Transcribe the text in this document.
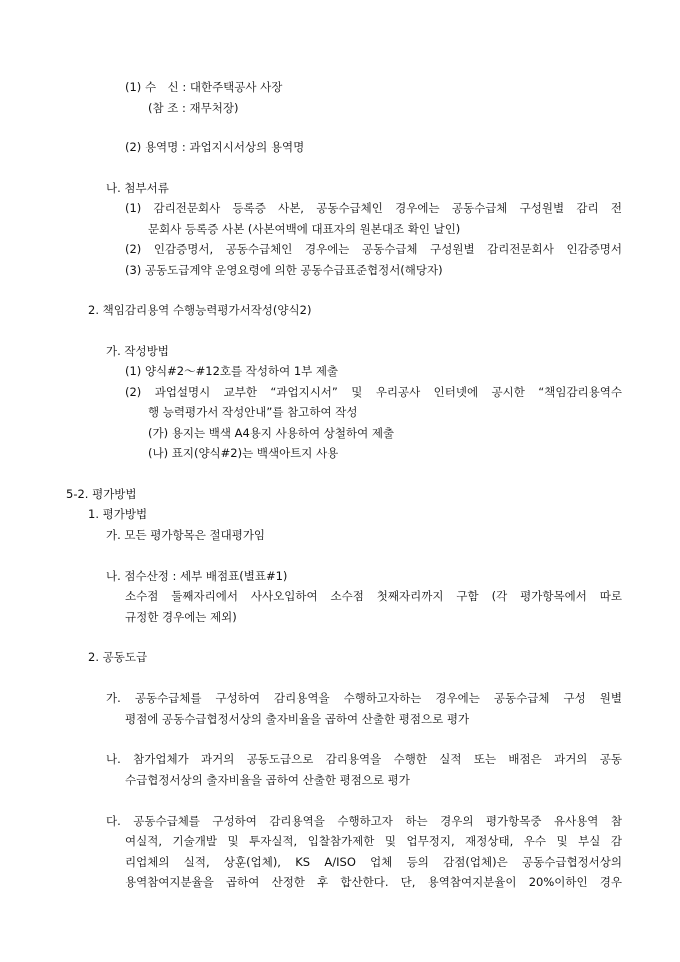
(1) 수　신 : 대한주택공사 사장
(참 조 : 재무처장)
(2) 용역명 : 과업지시서상의 용역명
나. 첨부서류
(1) 감리전문회사 등록증 사본, 공동수급체인 경우에는 공동수급체 구성원별 감리 전
문회사 등록증 사본 (사본여백에 대표자의 원본대조 확인 날인)
(2) 인감증명서, 공동수급체인 경우에는 공동수급체 구성원별 감리전문회사 인감증명서
(3) 공동도급계약 운영요령에 의한 공동수급표준협정서(해당자)
2. 책임감리용역 수행능력평가서작성(양식2)
가. 작성방법
(1) 양식#2～#12호를 작성하여 1부 제출
(2) 과업설명시 교부한 “과업지시서” 및 우리공사 인터넷에 공시한 “책임감리용역수
행 능력평가서 작성안내”를 참고하여 작성
(가) 용지는 백색 A4용지 사용하여 상철하여 제출
(나) 표지(양식#2)는 백색아트지 사용
5-2. 평가방법
1. 평가방법
가. 모든 평가항목은 절대평가임
나. 점수산정 : 세부 배점표(별표#1)
소수점 둘째자리에서 사사오입하여 소수점 첫째자리까지 구함 (각 평가항목에서 따로
규정한 경우에는 제외)
2. 공동도급
가. 공동수급체를 구성하여 감리용역을 수행하고자하는 경우에는 공동수급체 구성 원별
평점에 공동수급협정서상의 출자비율을 곱하여 산출한 평점으로 평가
나. 참가업체가 과거의 공동도급으로 감리용역을 수행한 실적 또는 배점은 과거의 공동
수급협정서상의 출자비율을 곱하여 산출한 평점으로 평가
다. 공동수급체를 구성하여 감리용역을 수행하고자 하는 경우의 평가항목중 유사용역 참
여실적, 기술개발 및 투자실적, 입찰참가제한 및 업무정지, 재정상태, 우수 및 부실 감
리업체의 실적, 상훈(업체), KS A/ISO 업체 등의 감점(업체)은 공동수급협정서상의
용역참여지분율을 곱하여 산정한 후 합산한다. 단, 용역참여지분율이 20%이하인 경우
